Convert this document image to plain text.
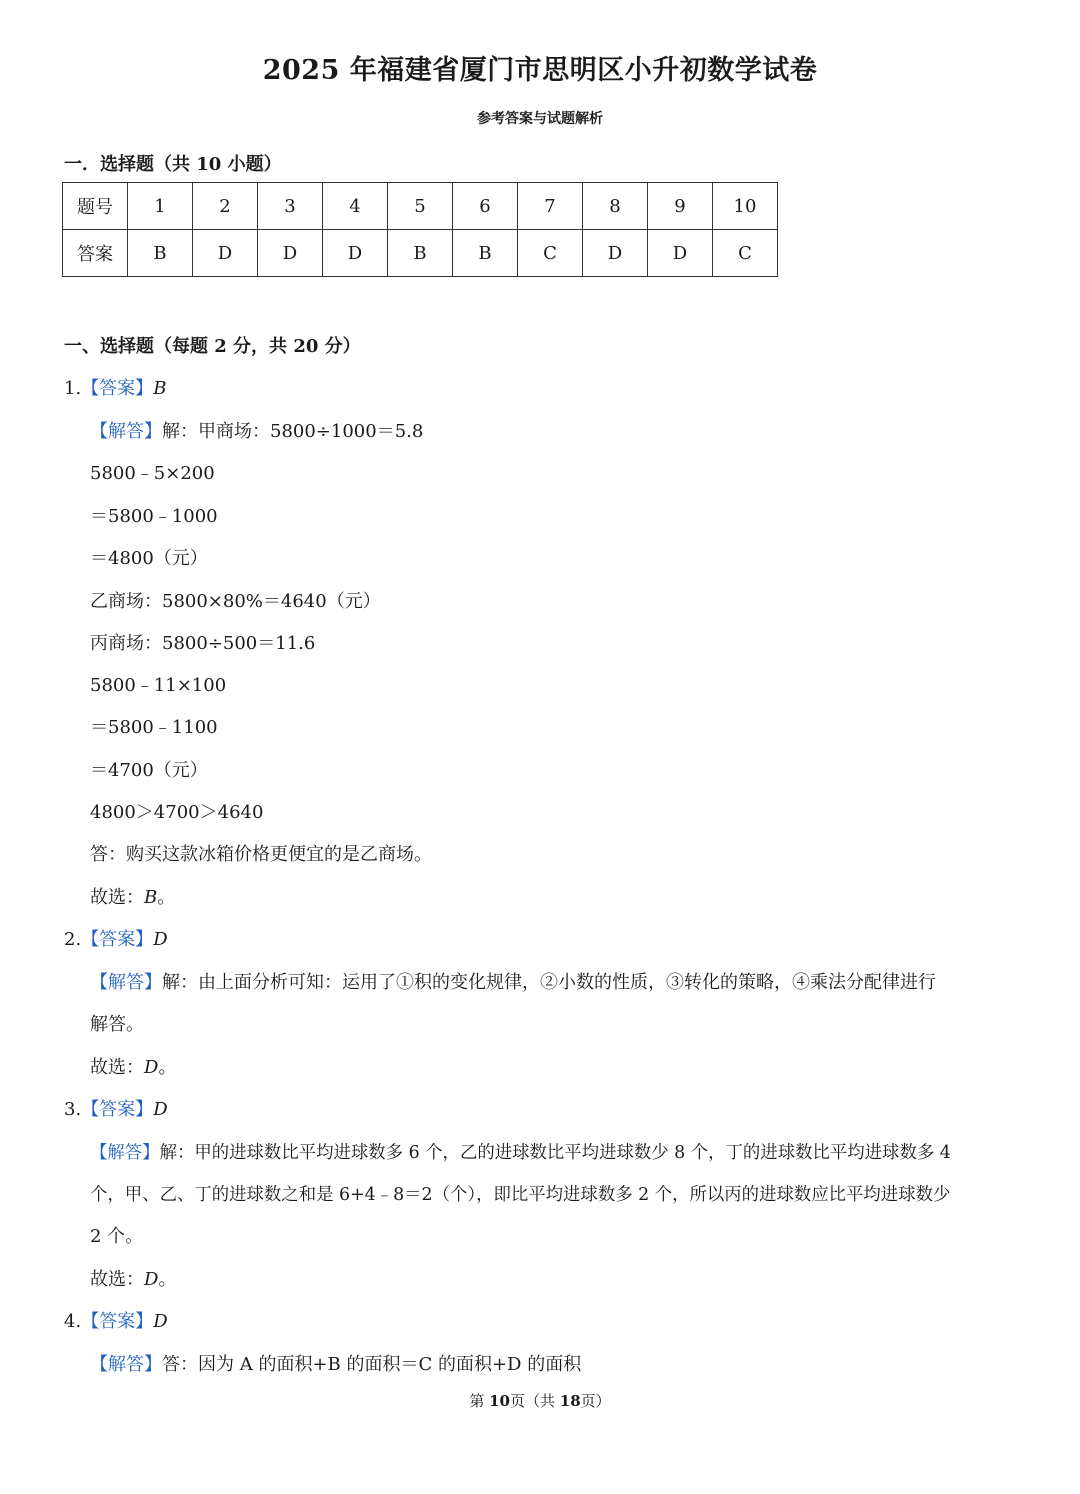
2025 年福建省厦门市思明区小升初数学试卷
参考答案与试题解析
一．选择题（共 10 小题）
题号	1	2	3	4	5	6	7	8	9	10
答案	B	D	D	D	B	B	C	D	D	C
一、选择题（每题 2 分，共 20 分）
1.【答案】B
【解答】解：甲商场：5800÷1000＝5.8
5800﹣5×200
＝5800﹣1000
＝4800（元）
乙商场：5800×80%＝4640（元）
丙商场：5800÷500＝11.6
5800﹣11×100
＝5800﹣1100
＝4700（元）
4800＞4700＞4640
答：购买这款冰箱价格更便宜的是乙商场。
故选：B。
2.【答案】D
【解答】解：由上面分析可知：运用了①积的变化规律，②小数的性质，③转化的策略，④乘法分配律进行
解答。
故选：D。
3.【答案】D
【解答】解：甲的进球数比平均进球数多 6 个，乙的进球数比平均进球数少 8 个，丁的进球数比平均进球数多 4
个，甲、乙、丁的进球数之和是 6+4﹣8＝2（个），即比平均进球数多 2 个，所以丙的进球数应比平均进球数少
2 个。
故选：D。
4.【答案】D
【解答】答：因为 A 的面积+B 的面积＝C 的面积+D 的面积
第 10页（共 18页）
